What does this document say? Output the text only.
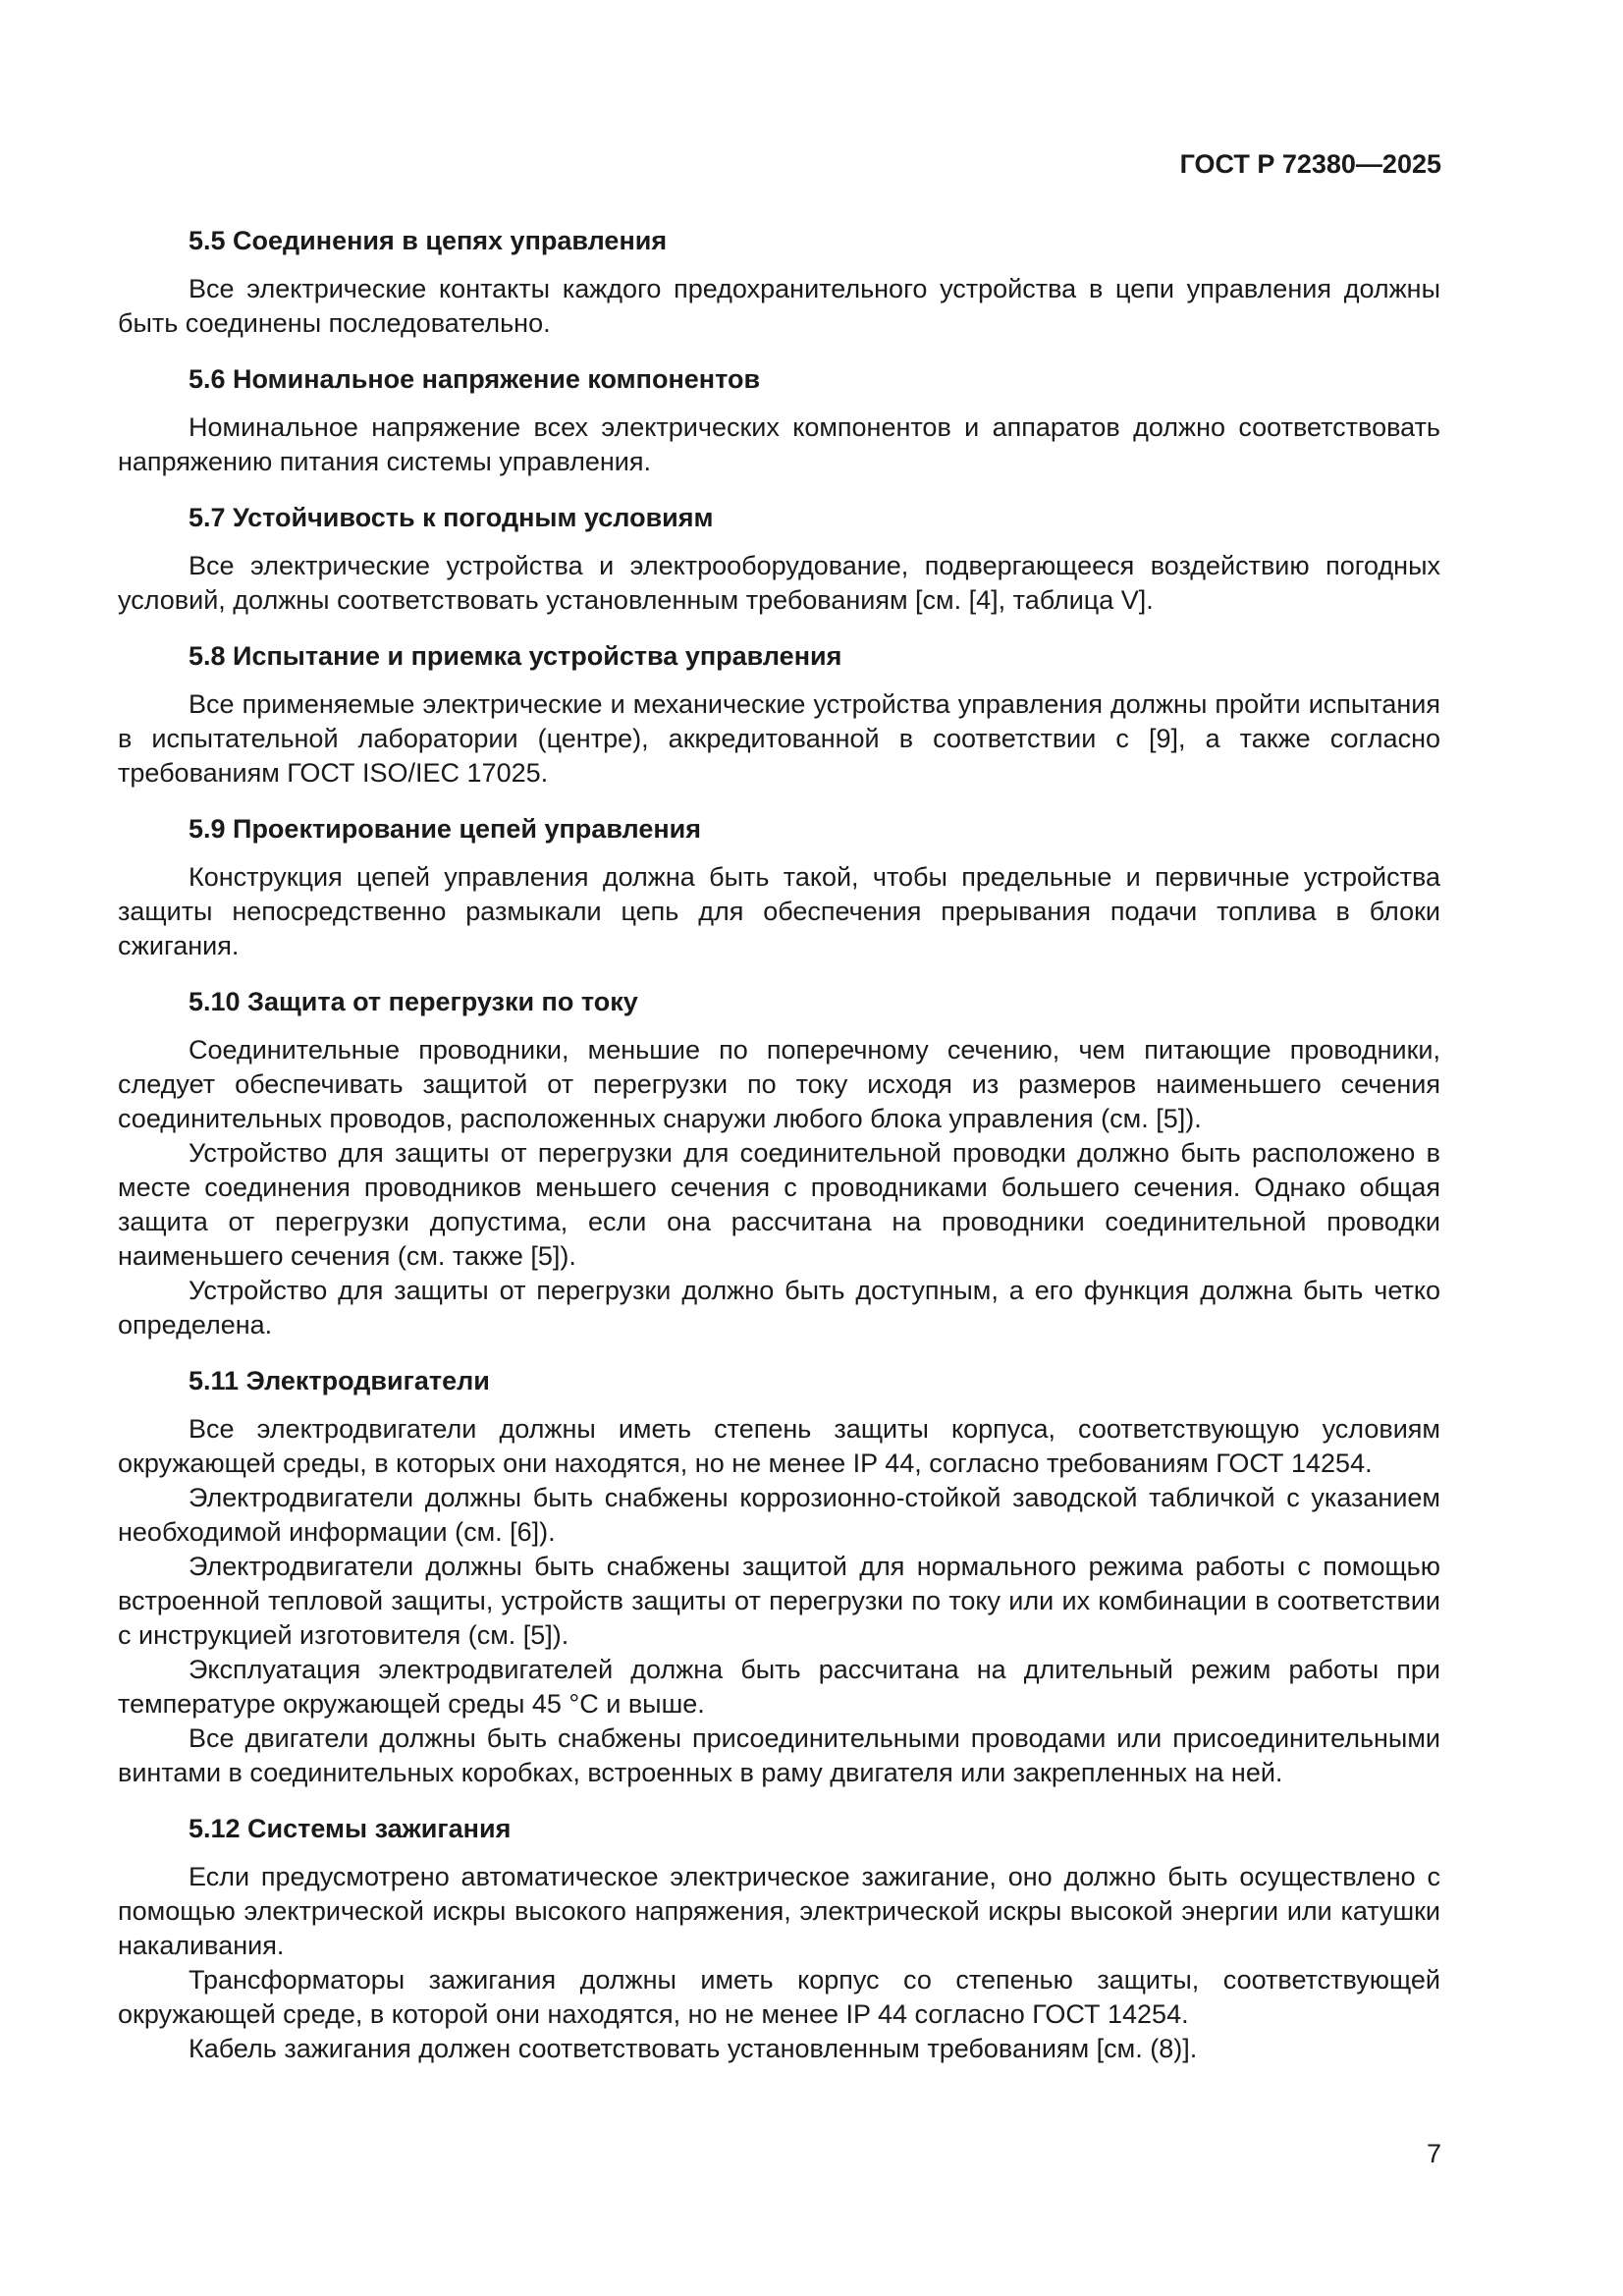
ГОСТ Р 72380—2025

5.5 Соединения в цепях управления

Все электрические контакты каждого предохранительного устройства в цепи управления должны быть соединены последовательно.

5.6 Номинальное напряжение компонентов

Номинальное напряжение всех электрических компонентов и аппаратов должно соответствовать напряжению питания системы управления.

5.7 Устойчивость к погодным условиям

Все электрические устройства и электрооборудование, подвергающееся воздействию погодных условий, должны соответствовать установленным требованиям [см. [4], таблица V].

5.8 Испытание и приемка устройства управления

Все применяемые электрические и механические устройства управления должны пройти испытания в испытательной лаборатории (центре), аккредитованной в соответствии с [9], а также согласно требованиям ГОСТ ISO/IEC 17025.

5.9 Проектирование цепей управления

Конструкция цепей управления должна быть такой, чтобы предельные и первичные устройства защиты непосредственно размыкали цепь для обеспечения прерывания подачи топлива в блоки сжигания.

5.10 Защита от перегрузки по току

Соединительные проводники, меньшие по поперечному сечению, чем питающие проводники, следует обеспечивать защитой от перегрузки по току исходя из размеров наименьшего сечения соединительных проводов, расположенных снаружи любого блока управления (см. [5]).

Устройство для защиты от перегрузки для соединительной проводки должно быть расположено в месте соединения проводников меньшего сечения с проводниками большего сечения. Однако общая защита от перегрузки допустима, если она рассчитана на проводники соединительной проводки наименьшего сечения (см. также [5]).

Устройство для защиты от перегрузки должно быть доступным, а его функция должна быть четко определена.

5.11 Электродвигатели

Все электродвигатели должны иметь степень защиты корпуса, соответствующую условиям окружающей среды, в которых они находятся, но не менее IP 44, согласно требованиям ГОСТ 14254.

Электродвигатели должны быть снабжены коррозионно-стойкой заводской табличкой с указанием необходимой информации (см. [6]).

Электродвигатели должны быть снабжены защитой для нормального режима работы с помощью встроенной тепловой защиты, устройств защиты от перегрузки по току или их комбинации в соответствии с инструкцией изготовителя (см. [5]).

Эксплуатация электродвигателей должна быть рассчитана на длительный режим работы при температуре окружающей среды 45 °С и выше.

Все двигатели должны быть снабжены присоединительными проводами или присоединительными винтами в соединительных коробках, встроенных в раму двигателя или закрепленных на ней.

5.12 Системы зажигания

Если предусмотрено автоматическое электрическое зажигание, оно должно быть осуществлено с помощью электрической искры высокого напряжения, электрической искры высокой энергии или катушки накаливания.

Трансформаторы зажигания должны иметь корпус со степенью защиты, соответствующей окружающей среде, в которой они находятся, но не менее IP 44 согласно ГОСТ 14254.

Кабель зажигания должен соответствовать установленным требованиям [см. (8)].

7
